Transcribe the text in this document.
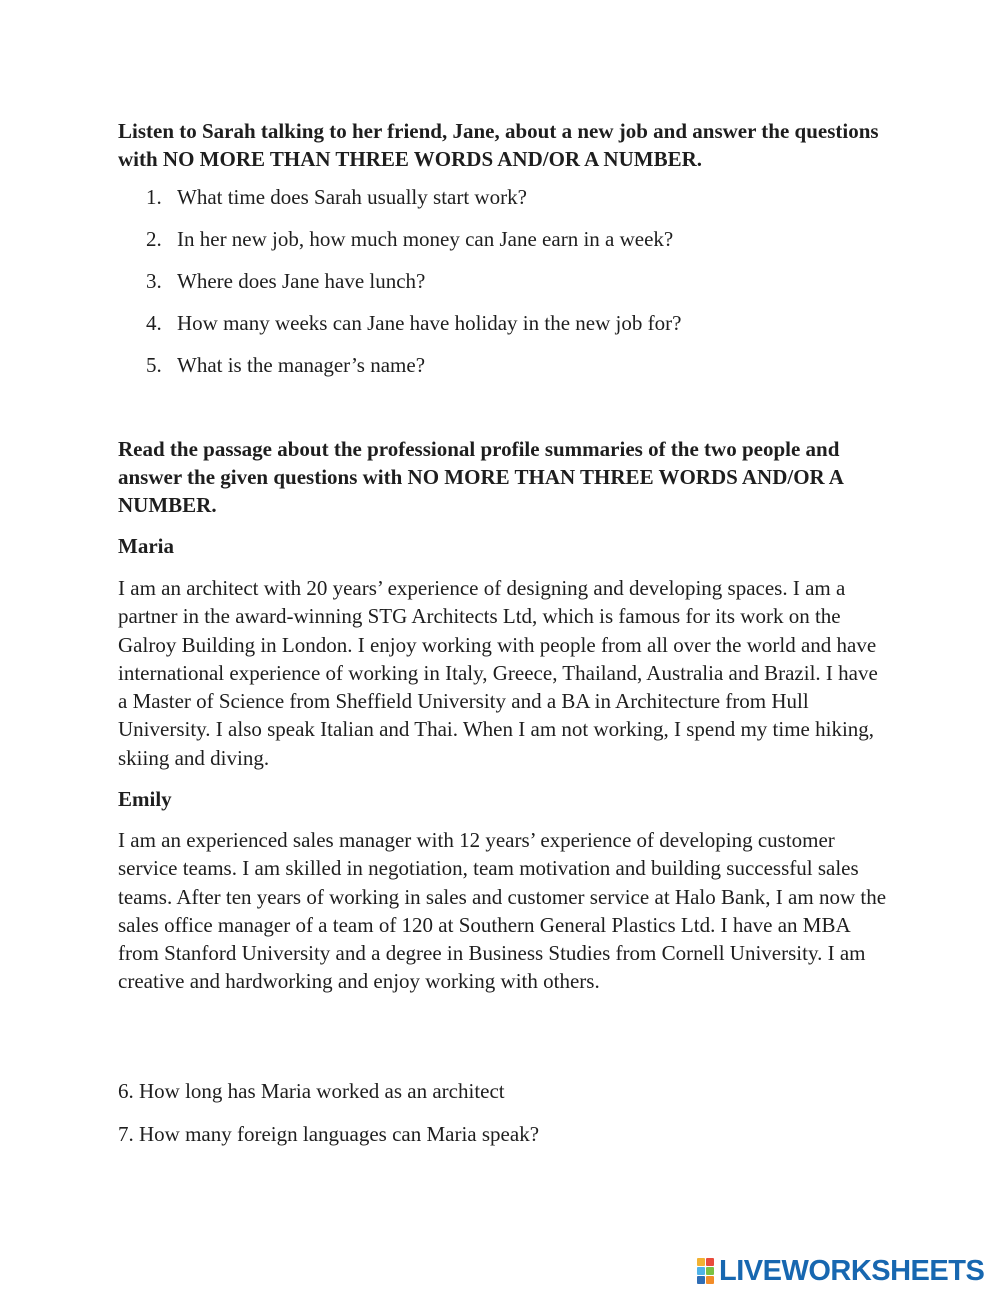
Listen to Sarah talking to her friend, Jane, about a new job and answer the questions with NO MORE THAN THREE WORDS AND/OR A NUMBER.

1. What time does Sarah usually start work?
2. In her new job, how much money can Jane earn in a week?
3. Where does Jane have lunch?
4. How many weeks can Jane have holiday in the new job for?
5. What is the manager’s name?

Read the passage about the professional profile summaries of the two people and answer the given questions with NO MORE THAN THREE WORDS AND/OR A NUMBER.

Maria

I am an architect with 20 years’ experience of designing and developing spaces. I am a partner in the award-winning STG Architects Ltd, which is famous for its work on the Galroy Building in London. I enjoy working with people from all over the world and have international experience of working in Italy, Greece, Thailand, Australia and Brazil. I have a Master of Science from Sheffield University and a BA in Architecture from Hull University. I also speak Italian and Thai. When I am not working, I spend my time hiking, skiing and diving.

Emily

I am an experienced sales manager with 12 years’ experience of developing customer service teams. I am skilled in negotiation, team motivation and building successful sales teams. After ten years of working in sales and customer service at Halo Bank, I am now the sales office manager of a team of 120 at Southern General Plastics Ltd. I have an MBA from Stanford University and a degree in Business Studies from Cornell University. I am creative and hardworking and enjoy working with others.

6. How long has Maria worked as an architect

7. How many foreign languages can Maria speak?

LIVEWORKSHEETS
